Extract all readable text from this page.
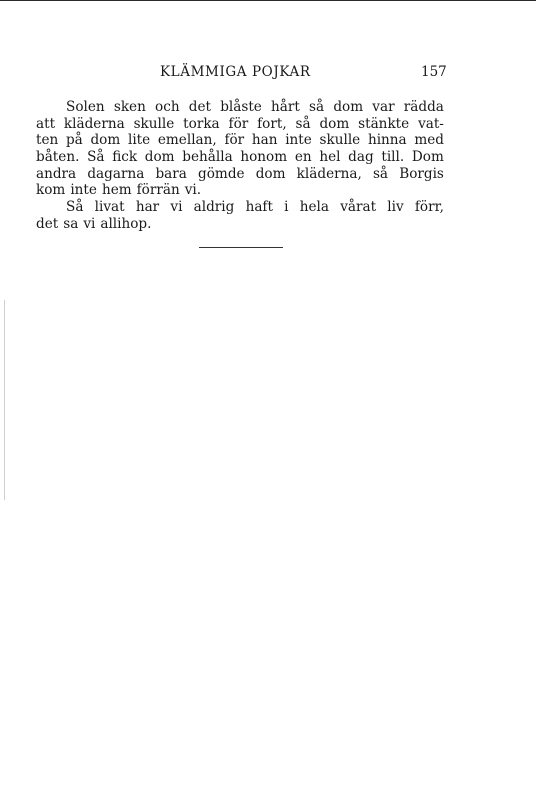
KLÄMMIGA POJKAR	157
Solen sken och det blåste hårt så dom var rädda
att kläderna skulle torka för fort, så dom stänkte vat-
ten på dom lite emellan, för han inte skulle hinna med
båten. Så fick dom behålla honom en hel dag till. Dom
andra dagarna bara gömde dom kläderna, så Borgis
kom inte hem förrän vi.
Så livat har vi aldrig haft i hela vårat liv förr,
det sa vi allihop.
